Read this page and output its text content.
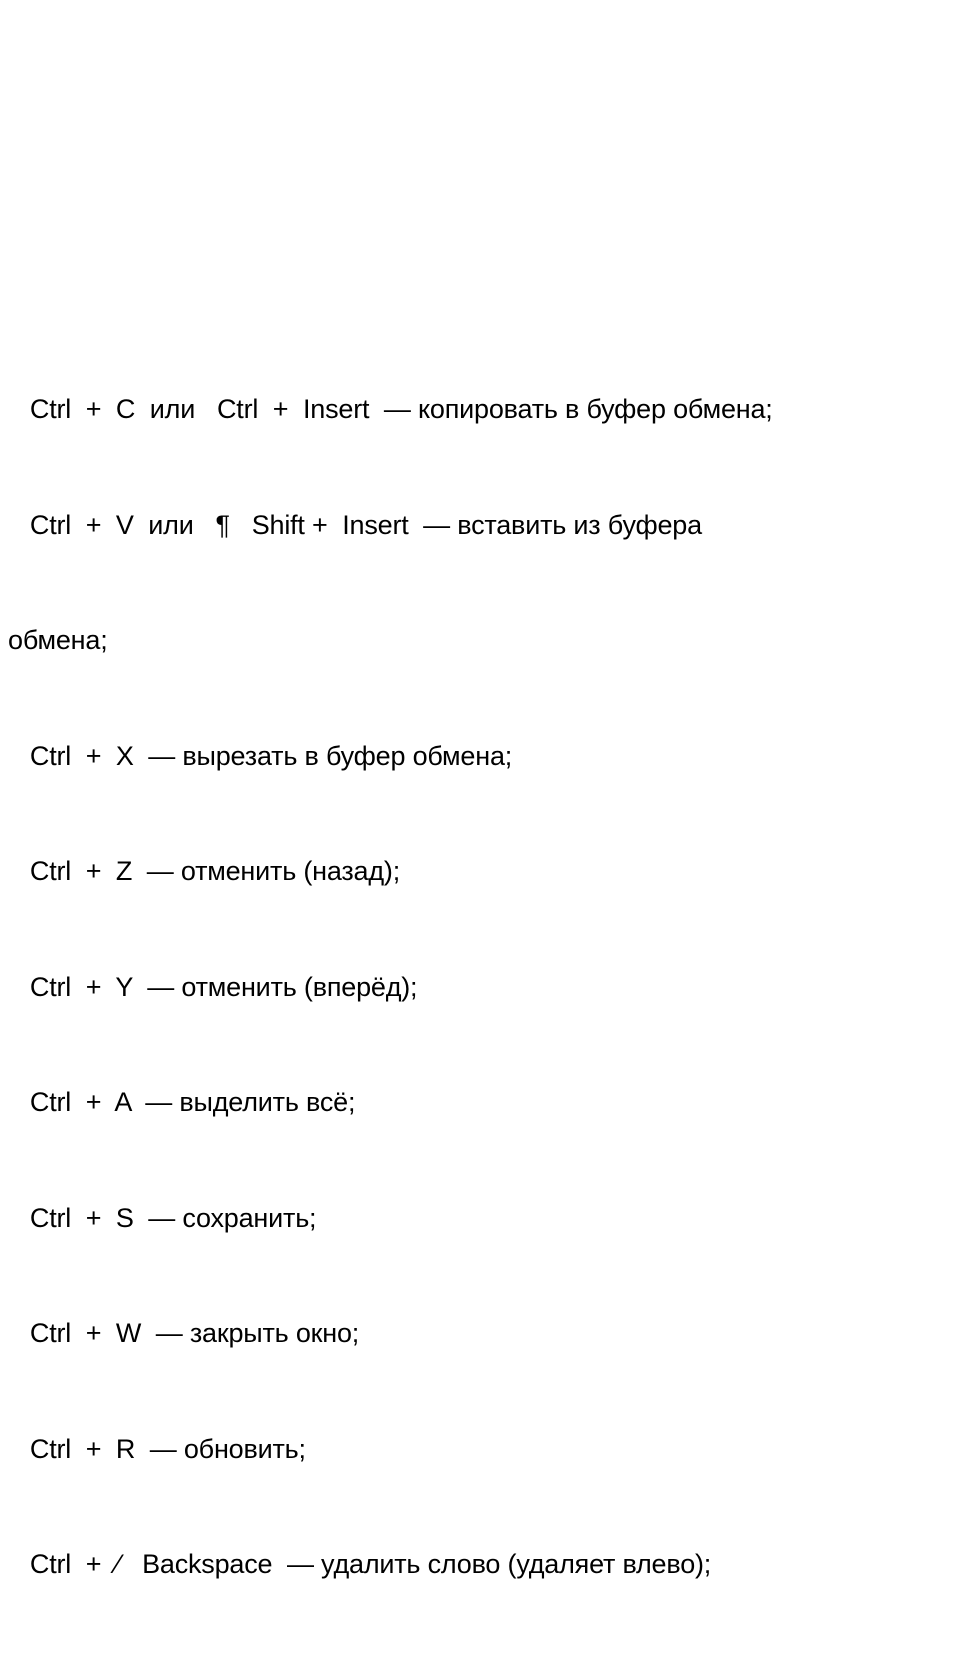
Ctrl  +  C  или   Ctrl  +  Insert  — копировать в буфер обмена;

Ctrl  +  V  или   ¶   Shift +  Insert  — вставить из буфера

обмена;

Ctrl  +  X  — вырезать в буфер обмена;

Ctrl  +  Z  — отменить (назад);

Ctrl  +  Y  — отменить (вперёд);

Ctrl  +  A  — выделить всё;

Ctrl  +  S  — сохранить;

Ctrl  +  W  — закрыть окно;

Ctrl  +  R  — обновить;

Ctrl  +  ⁄   Backspace  — удалить слово (удаляет влево);
